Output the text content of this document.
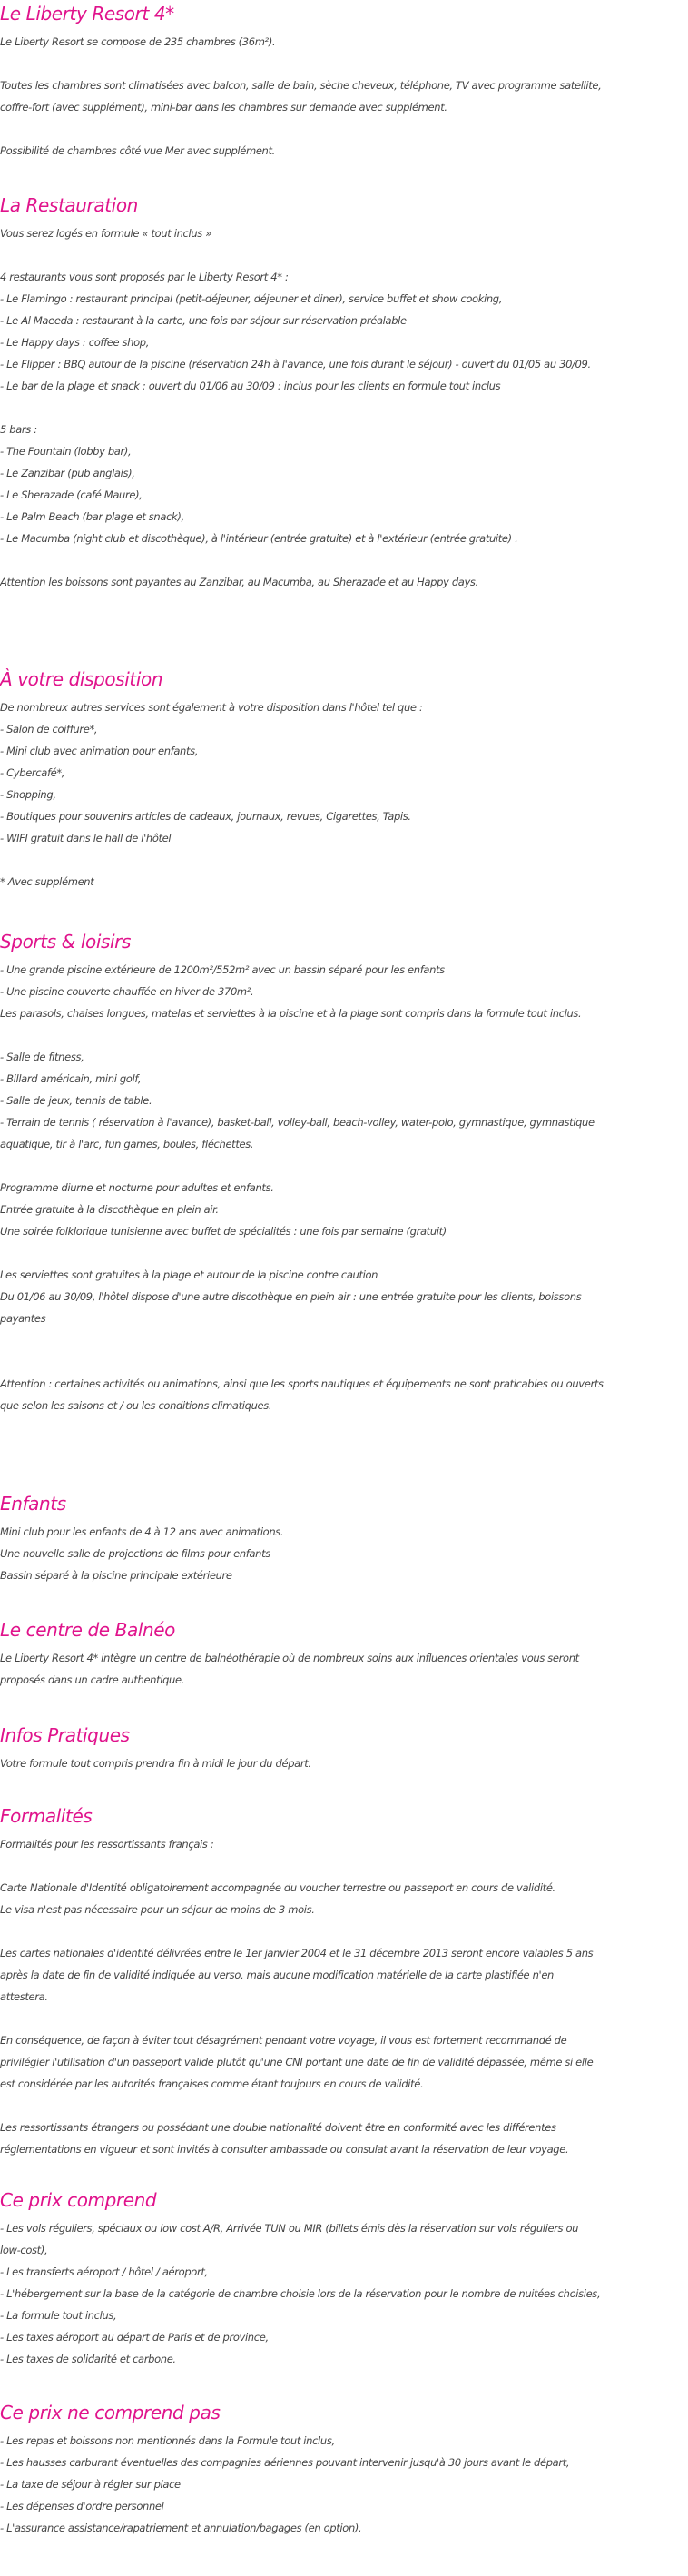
Le Liberty Resort 4*
Le Liberty Resort se compose de 235 chambres (36m²).
Toutes les chambres sont climatisées avec balcon, salle de bain, sèche cheveux, téléphone, TV avec programme satellite,
coffre-fort (avec supplément), mini-bar dans les chambres sur demande avec supplément.
Possibilité de chambres côté vue Mer avec supplément.
La Restauration
Vous serez logés en formule « tout inclus »
4 restaurants vous sont proposés par le Liberty Resort 4* :
- Le Flamingo : restaurant principal (petit-déjeuner, déjeuner et diner), service buffet et show cooking,
- Le Al Maeeda : restaurant à la carte, une fois par séjour sur réservation préalable
- Le Happy days : coffee shop,
- Le Flipper : BBQ autour de la piscine (réservation 24h à l'avance, une fois durant le séjour) - ouvert du 01/05 au 30/09.
- Le bar de la plage et snack : ouvert du 01/06 au 30/09 : inclus pour les clients en formule tout inclus
5 bars :
- The Fountain (lobby bar),
- Le Zanzibar (pub anglais),
- Le Sherazade (café Maure),
- Le Palm Beach (bar plage et snack),
- Le Macumba (night club et discothèque), à l'intérieur (entrée gratuite) et à l'extérieur (entrée gratuite) .
Attention les boissons sont payantes au Zanzibar, au Macumba, au Sherazade et au Happy days.
À votre disposition
De nombreux autres services sont également à votre disposition dans l'hôtel tel que :
- Salon de coiffure*,
- Mini club avec animation pour enfants,
- Cybercafé*,
- Shopping,
- Boutiques pour souvenirs articles de cadeaux, journaux, revues, Cigarettes, Tapis.
- WIFI gratuit dans le hall de l'hôtel
* Avec supplément
Sports & loisirs
- Une grande piscine extérieure de 1200m²/552m² avec un bassin séparé pour les enfants
- Une piscine couverte chauffée en hiver de 370m².
Les parasols, chaises longues, matelas et serviettes à la piscine et à la plage sont compris dans la formule tout inclus.
- Salle de fitness,
- Billard américain, mini golf,
- Salle de jeux, tennis de table.
- Terrain de tennis ( réservation à l'avance), basket-ball, volley-ball, beach-volley, water-polo, gymnastique, gymnastique
aquatique, tir à l'arc, fun games, boules, fléchettes.
Programme diurne et nocturne pour adultes et enfants.
Entrée gratuite à la discothèque en plein air.
Une soirée folklorique tunisienne avec buffet de spécialités : une fois par semaine (gratuit)
Les serviettes sont gratuites à la plage et autour de la piscine contre caution
Du 01/06 au 30/09, l'hôtel dispose d'une autre discothèque en plein air : une entrée gratuite pour les clients, boissons
payantes
Attention : certaines activités ou animations, ainsi que les sports nautiques et équipements ne sont praticables ou ouverts
que selon les saisons et / ou les conditions climatiques.
Enfants
Mini club pour les enfants de 4 à 12 ans avec animations.
Une nouvelle salle de projections de films pour enfants
Bassin séparé à la piscine principale extérieure
Le centre de Balnéo
Le Liberty Resort 4* intègre un centre de balnéothérapie où de nombreux soins aux influences orientales vous seront
proposés dans un cadre authentique.
Infos Pratiques
Votre formule tout compris prendra fin à midi le jour du départ.
Formalités
Formalités pour les ressortissants français :
Carte Nationale d'Identité obligatoirement accompagnée du voucher terrestre ou passeport en cours de validité.
Le visa n'est pas nécessaire pour un séjour de moins de 3 mois.
Les cartes nationales d'identité délivrées entre le 1er janvier 2004 et le 31 décembre 2013 seront encore valables 5 ans
après la date de fin de validité indiquée au verso, mais aucune modification matérielle de la carte plastifiée n'en
attestera.
En conséquence, de façon à éviter tout désagrément pendant votre voyage, il vous est fortement recommandé de
privilégier l'utilisation d'un passeport valide plutôt qu'une CNI portant une date de fin de validité dépassée, même si elle
est considérée par les autorités françaises comme étant toujours en cours de validité.
Les ressortissants étrangers ou possédant une double nationalité doivent être en conformité avec les différentes
réglementations en vigueur et sont invités à consulter ambassade ou consulat avant la réservation de leur voyage.
Ce prix comprend
- Les vols réguliers, spéciaux ou low cost A/R, Arrivée TUN ou MIR (billets émis dès la réservation sur vols réguliers ou
low-cost),
- Les transferts aéroport / hôtel / aéroport,
- L'hébergement sur la base de la catégorie de chambre choisie lors de la réservation pour le nombre de nuitées choisies,
- La formule tout inclus,
- Les taxes aéroport au départ de Paris et de province,
- Les taxes de solidarité et carbone.
Ce prix ne comprend pas
- Les repas et boissons non mentionnés dans la Formule tout inclus,
- Les hausses carburant éventuelles des compagnies aériennes pouvant intervenir jusqu'à 30 jours avant le départ,
- La taxe de séjour à régler sur place
- Les dépenses d'ordre personnel
- L'assurance assistance/rapatriement et annulation/bagages (en option).
